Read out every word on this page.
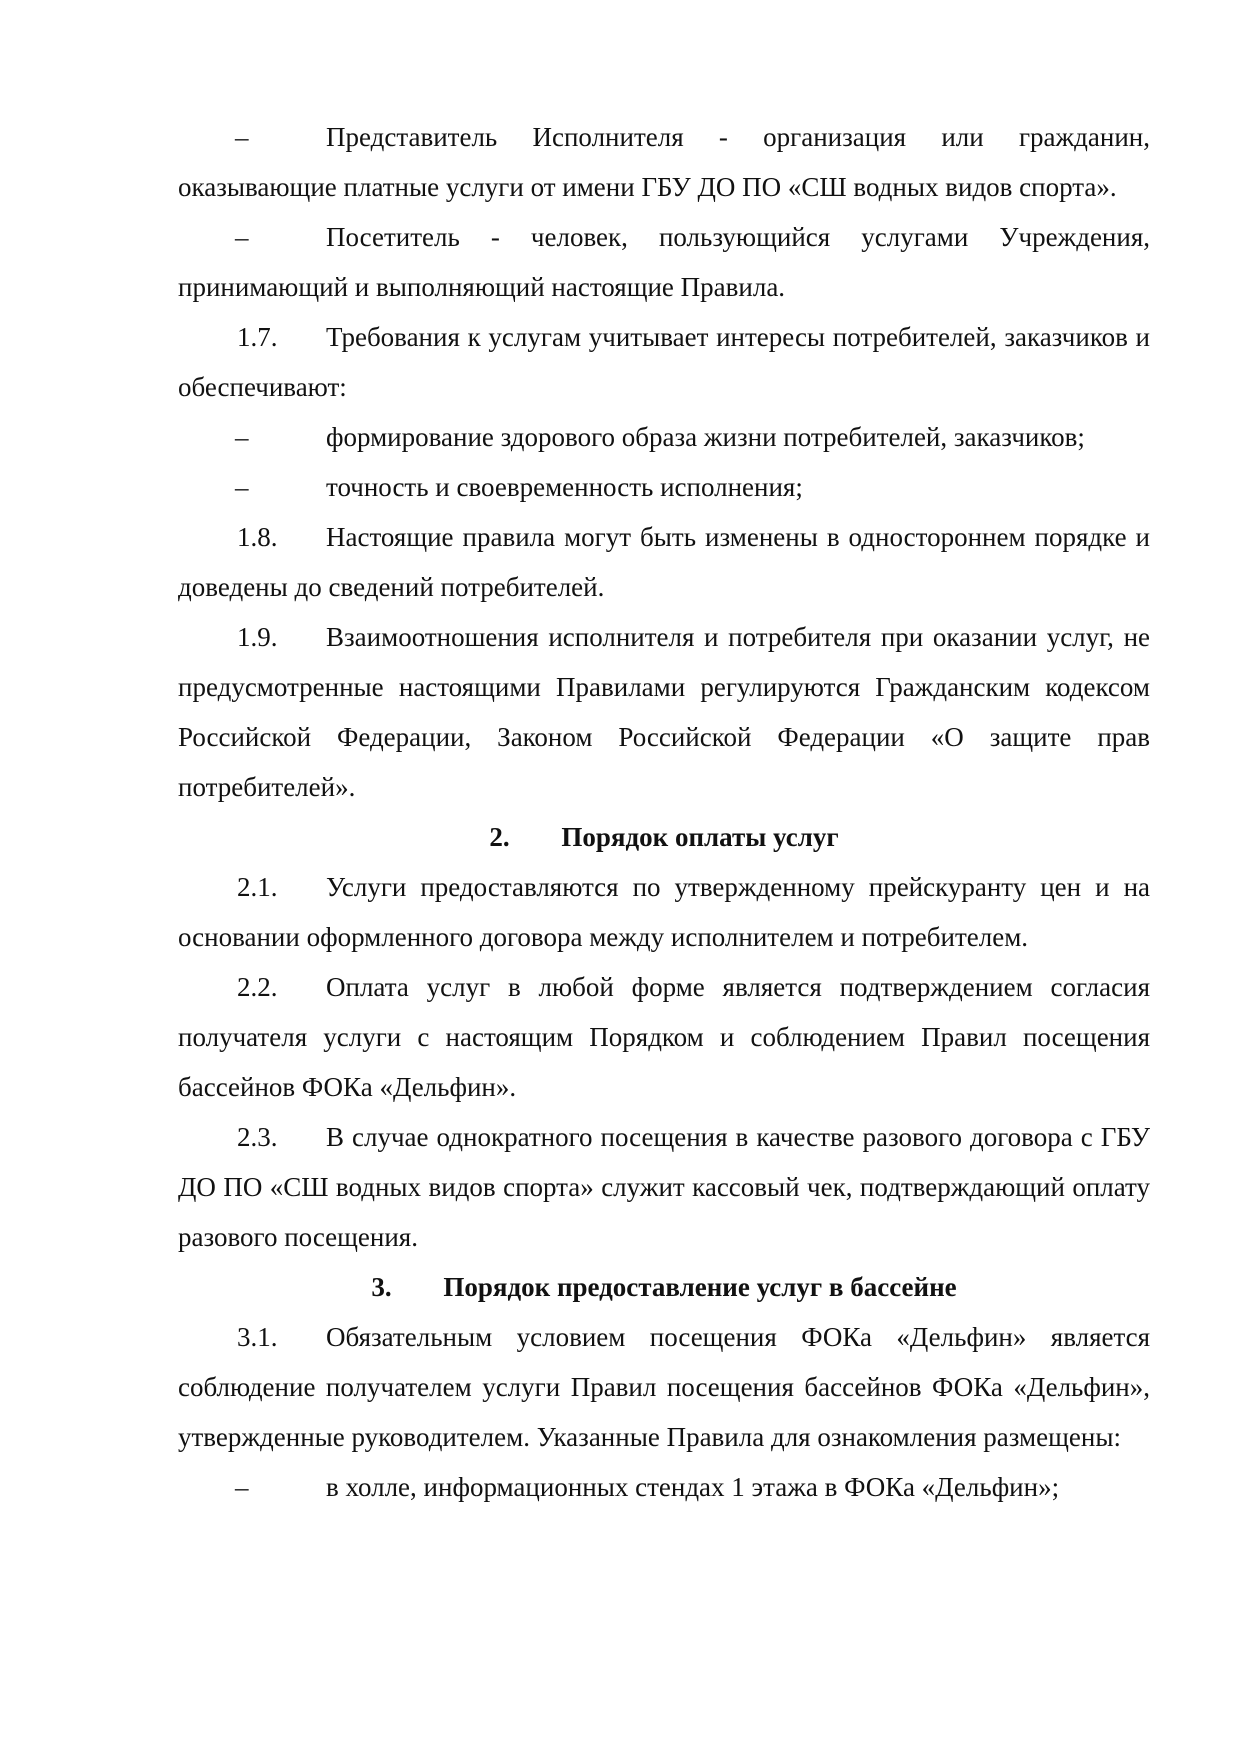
–	Представитель Исполнителя - организация или гражданин, оказывающие платные услуги от имени ГБУ ДО ПО «СШ водных видов спорта».

–	Посетитель - человек, пользующийся услугами Учреждения, принимающий и выполняющий настоящие Правила.

1.7. Требования к услугам учитывает интересы потребителей, заказчиков и обеспечивают:

–	формирование здорового образа жизни потребителей, заказчиков;

–	точность и своевременность исполнения;

1.8. Настоящие правила могут быть изменены в одностороннем порядке и доведены до сведений потребителей.

1.9. Взаимоотношения исполнителя и потребителя при оказании услуг, не предусмотренные настоящими Правилами регулируются Гражданским кодексом Российской Федерации, Законом Российской Федерации «О защите прав потребителей».

2. Порядок оплаты услуг

2.1. Услуги предоставляются по утвержденному прейскуранту цен и на основании оформленного договора между исполнителем и потребителем.

2.2. Оплата услуг в любой форме является подтверждением согласия получателя услуги с настоящим Порядком и соблюдением Правил посещения бассейнов ФОКа «Дельфин».

2.3. В случае однократного посещения в качестве разового договора с ГБУ ДО ПО «СШ водных видов спорта» служит кассовый чек, подтверждающий оплату разового посещения.

3. Порядок предоставление услуг в бассейне

3.1. Обязательным условием посещения ФОКа «Дельфин» является соблюдение получателем услуги Правил посещения бассейнов ФОКа «Дельфин», утвержденные руководителем. Указанные Правила для ознакомления размещены:

–	в холле, информационных стендах 1 этажа в ФОКа «Дельфин»;
